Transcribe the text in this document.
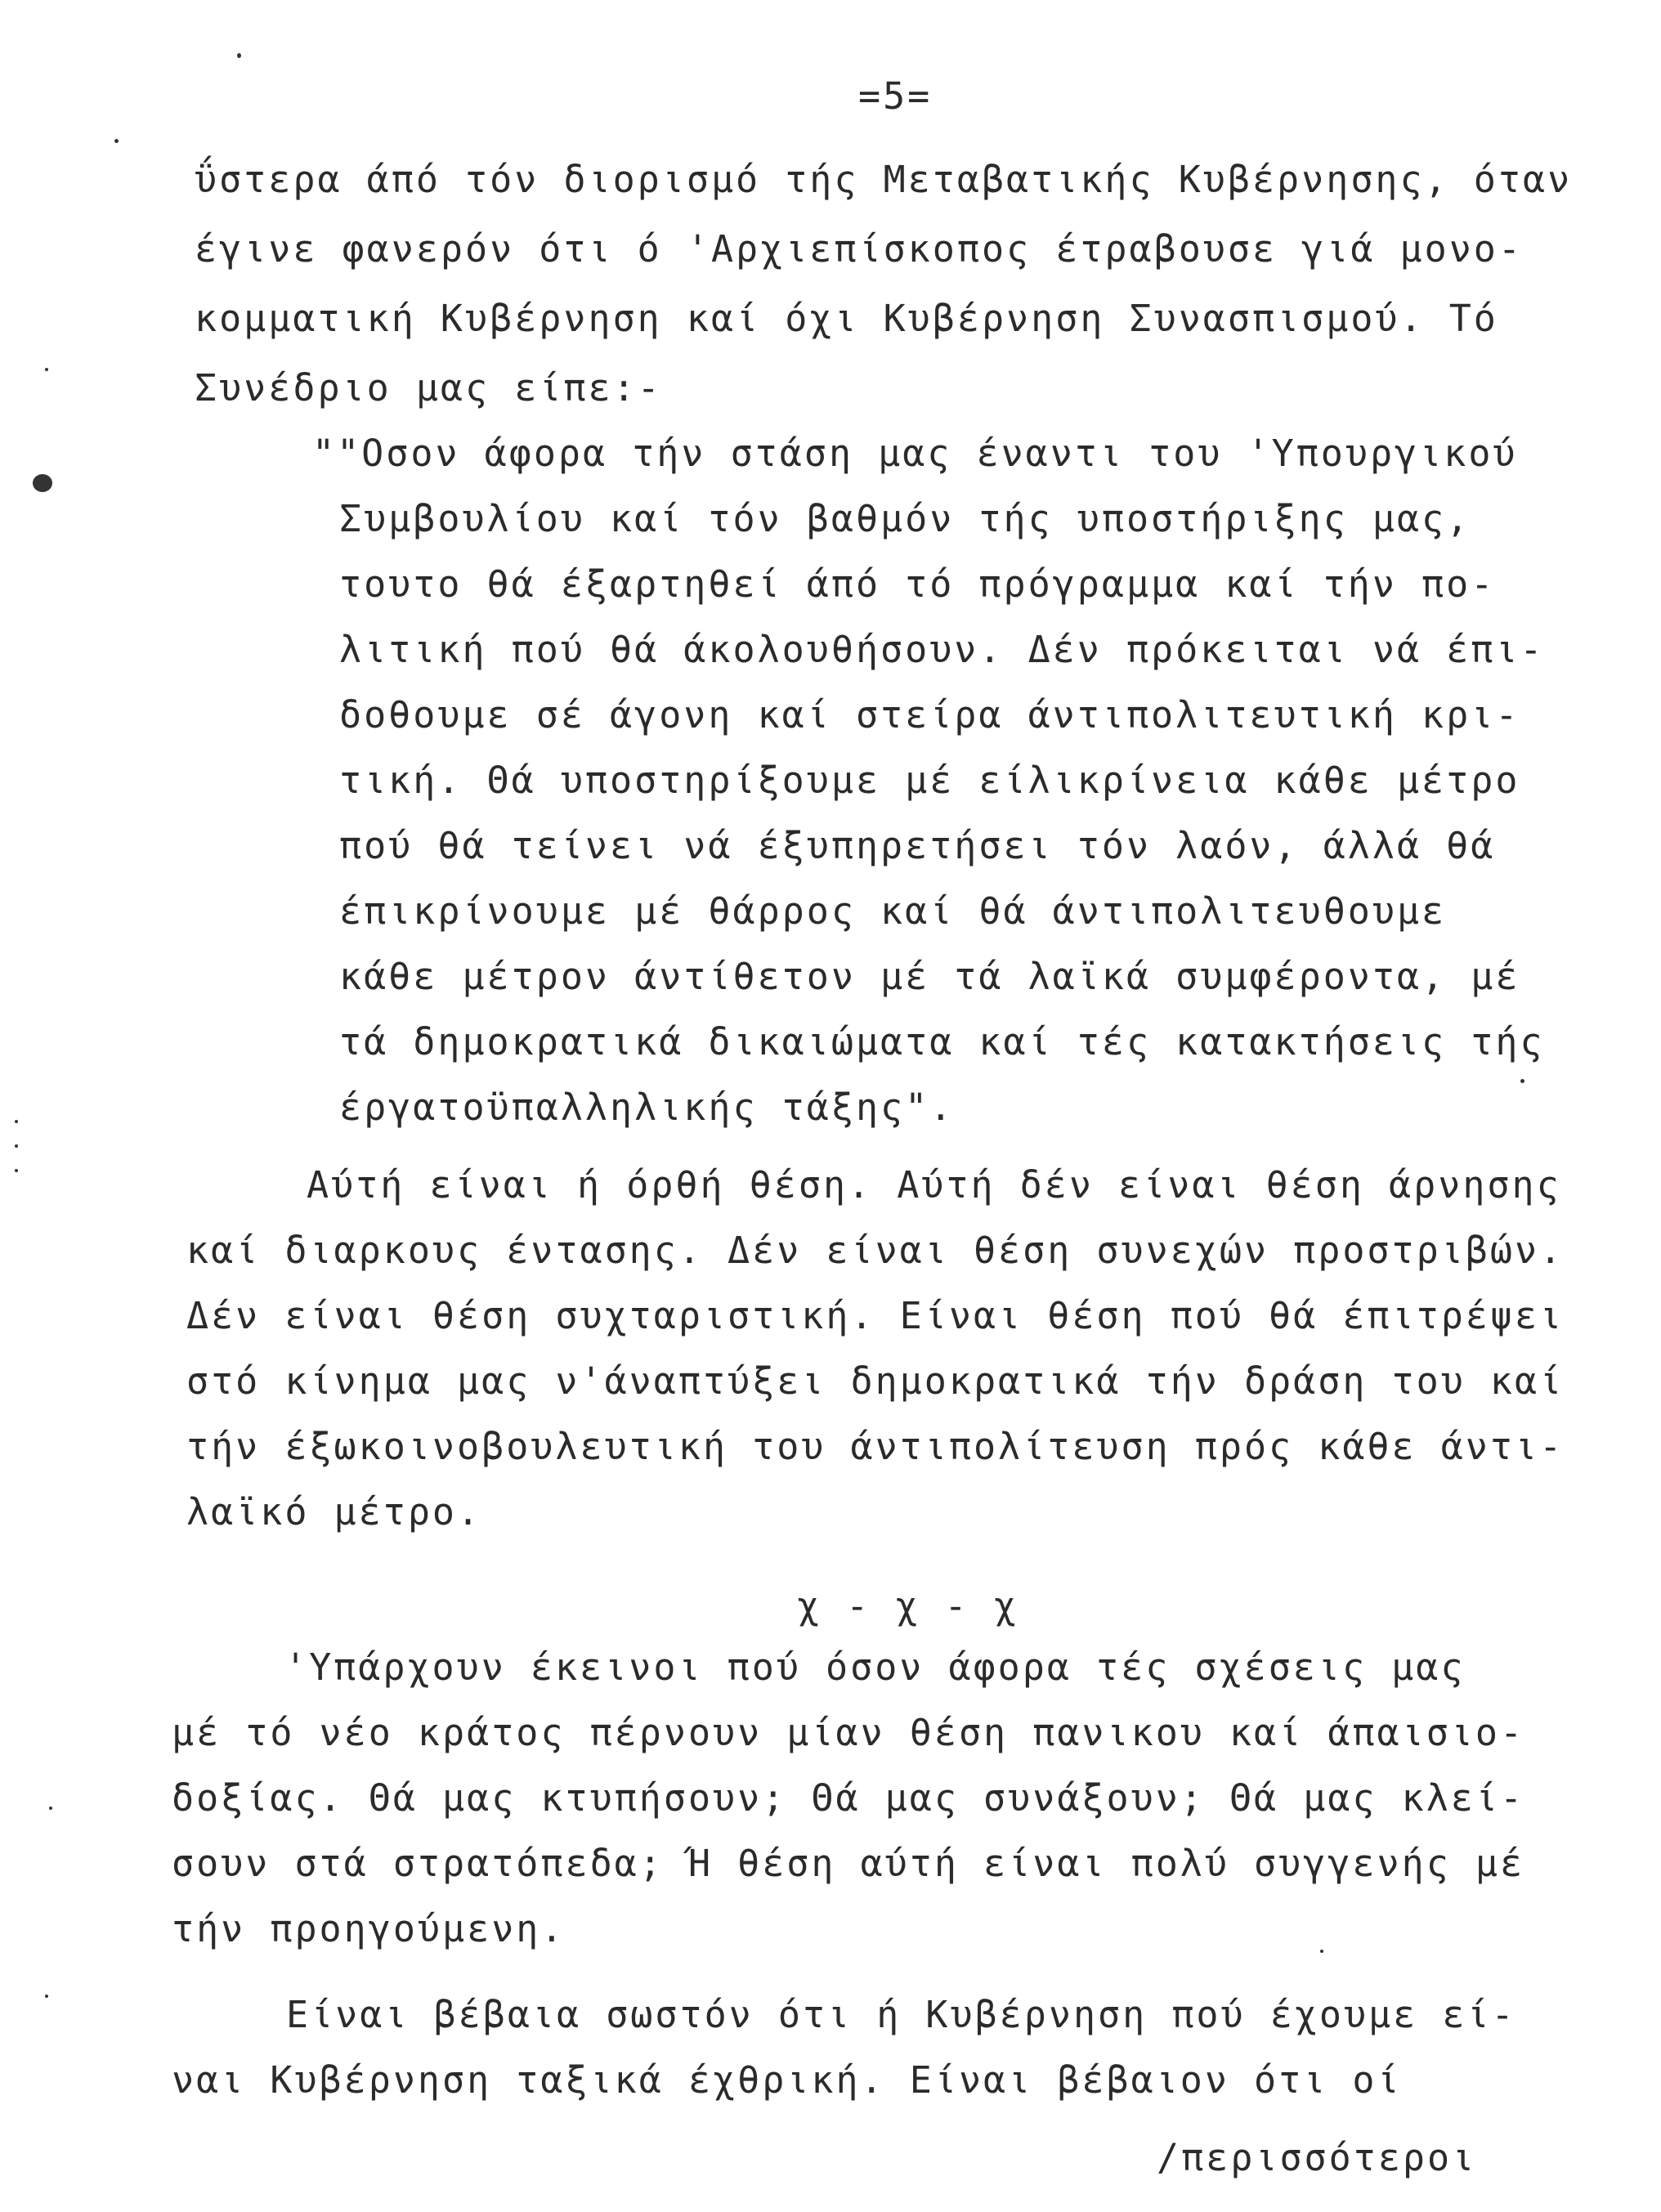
=5=
ΰστερα άπό τόν διορισμό τής Μεταβατικής Κυβέρνησης, όταν
έγινε φανερόν ότι ό 'Αρχιεπίσκοπος έτραβουσε γιά μονο-
κομματική Κυβέρνηση καί όχι Κυβέρνηση Συνασπισμού. Τό
Συνέδριο μας είπε:-
""Οσον άφορα τήν στάση μας έναντι του 'Υπουργικού
Συμβουλίου καί τόν βαθμόν τής υποστήριξης μας,
τουτο θά έξαρτηθεί άπό τό πρόγραμμα καί τήν πο-
λιτική πού θά άκολουθήσουν. Δέν πρόκειται νά έπι-
δοθουμε σέ άγονη καί στείρα άντιπολιτευτική κρι-
τική. Θά υποστηρίξουμε μέ είλικρίνεια κάθε μέτρο
πού θά τείνει νά έξυπηρετήσει τόν λαόν, άλλά θά
έπικρίνουμε μέ θάρρος καί θά άντιπολιτευθουμε
κάθε μέτρον άντίθετον μέ τά λαϊκά συμφέροντα, μέ
τά δημοκρατικά δικαιώματα καί τές κατακτήσεις τής
έργατοϋπαλληλικής τάξης".
Αύτή είναι ή όρθή θέση. Αύτή δέν είναι θέση άρνησης
καί διαρκους έντασης. Δέν είναι θέση συνεχών προστριβών.
Δέν είναι θέση συχταριστική. Είναι θέση πού θά έπιτρέψει
στό κίνημα μας ν'άναπτύξει δημοκρατικά τήν δράση του καί
τήν έξωκοινοβουλευτική του άντιπολίτευση πρός κάθε άντι-
λαϊκό μέτρο.
χ - χ - χ
'Υπάρχουν έκεινοι πού όσον άφορα τές σχέσεις μας
μέ τό νέο κράτος πέρνουν μίαν θέση πανικου καί άπαισιο-
δοξίας. Θά μας κτυπήσουν; Θά μας συνάξουν; Θά μας κλεί-
σουν στά στρατόπεδα; Ή θέση αύτή είναι πολύ συγγενής μέ
τήν προηγούμενη.
Είναι βέβαια σωστόν ότι ή Κυβέρνηση πού έχουμε εί-
ναι Κυβέρνηση ταξικά έχθρική. Είναι βέβαιον ότι οί
/περισσότεροι
